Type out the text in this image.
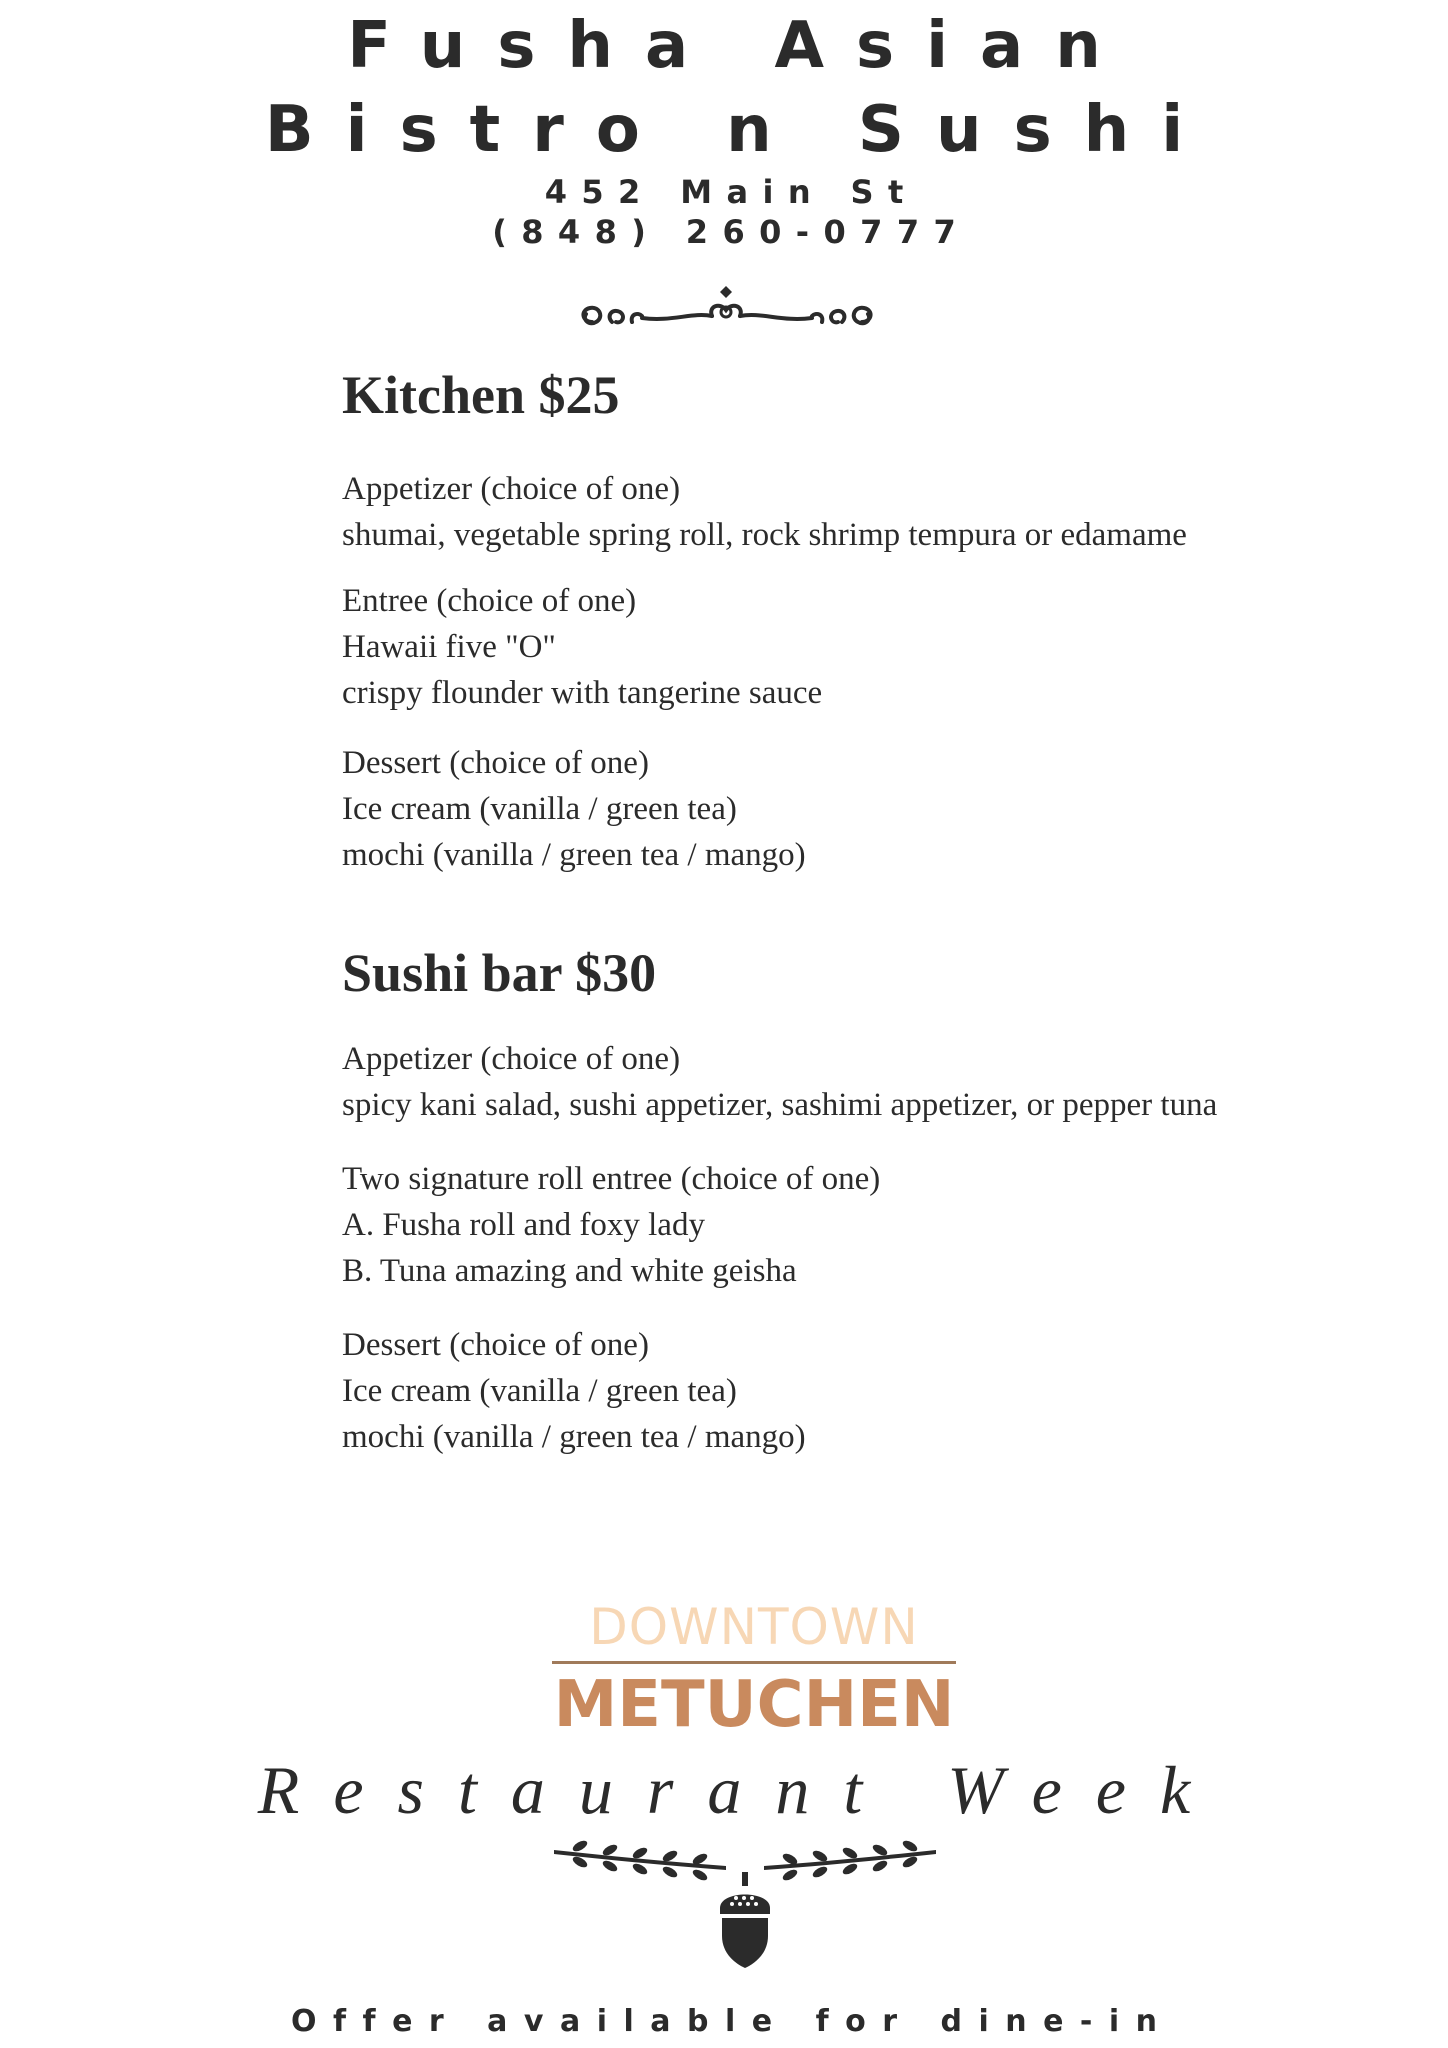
Fusha Asian
Bistro n Sushi
452 Main St
(848) 260-0777
Kitchen $25
Appetizer (choice of one)
shumai, vegetable spring roll, rock shrimp tempura or edamame
Entree (choice of one)
Hawaii five "O"
crispy flounder with tangerine sauce
Dessert (choice of one)
Ice cream (vanilla / green tea)
mochi (vanilla / green tea / mango)
Sushi bar $30
Appetizer (choice of one)
spicy kani salad, sushi appetizer, sashimi appetizer, or pepper tuna
Two signature roll entree (choice of one)
A. Fusha roll and foxy lady
B. Tuna amazing and white geisha
Dessert (choice of one)
Ice cream (vanilla / green tea)
mochi (vanilla / green tea / mango)
DOWNTOWN
METUCHEN
Restaurant Week
Offer available for dine-in
